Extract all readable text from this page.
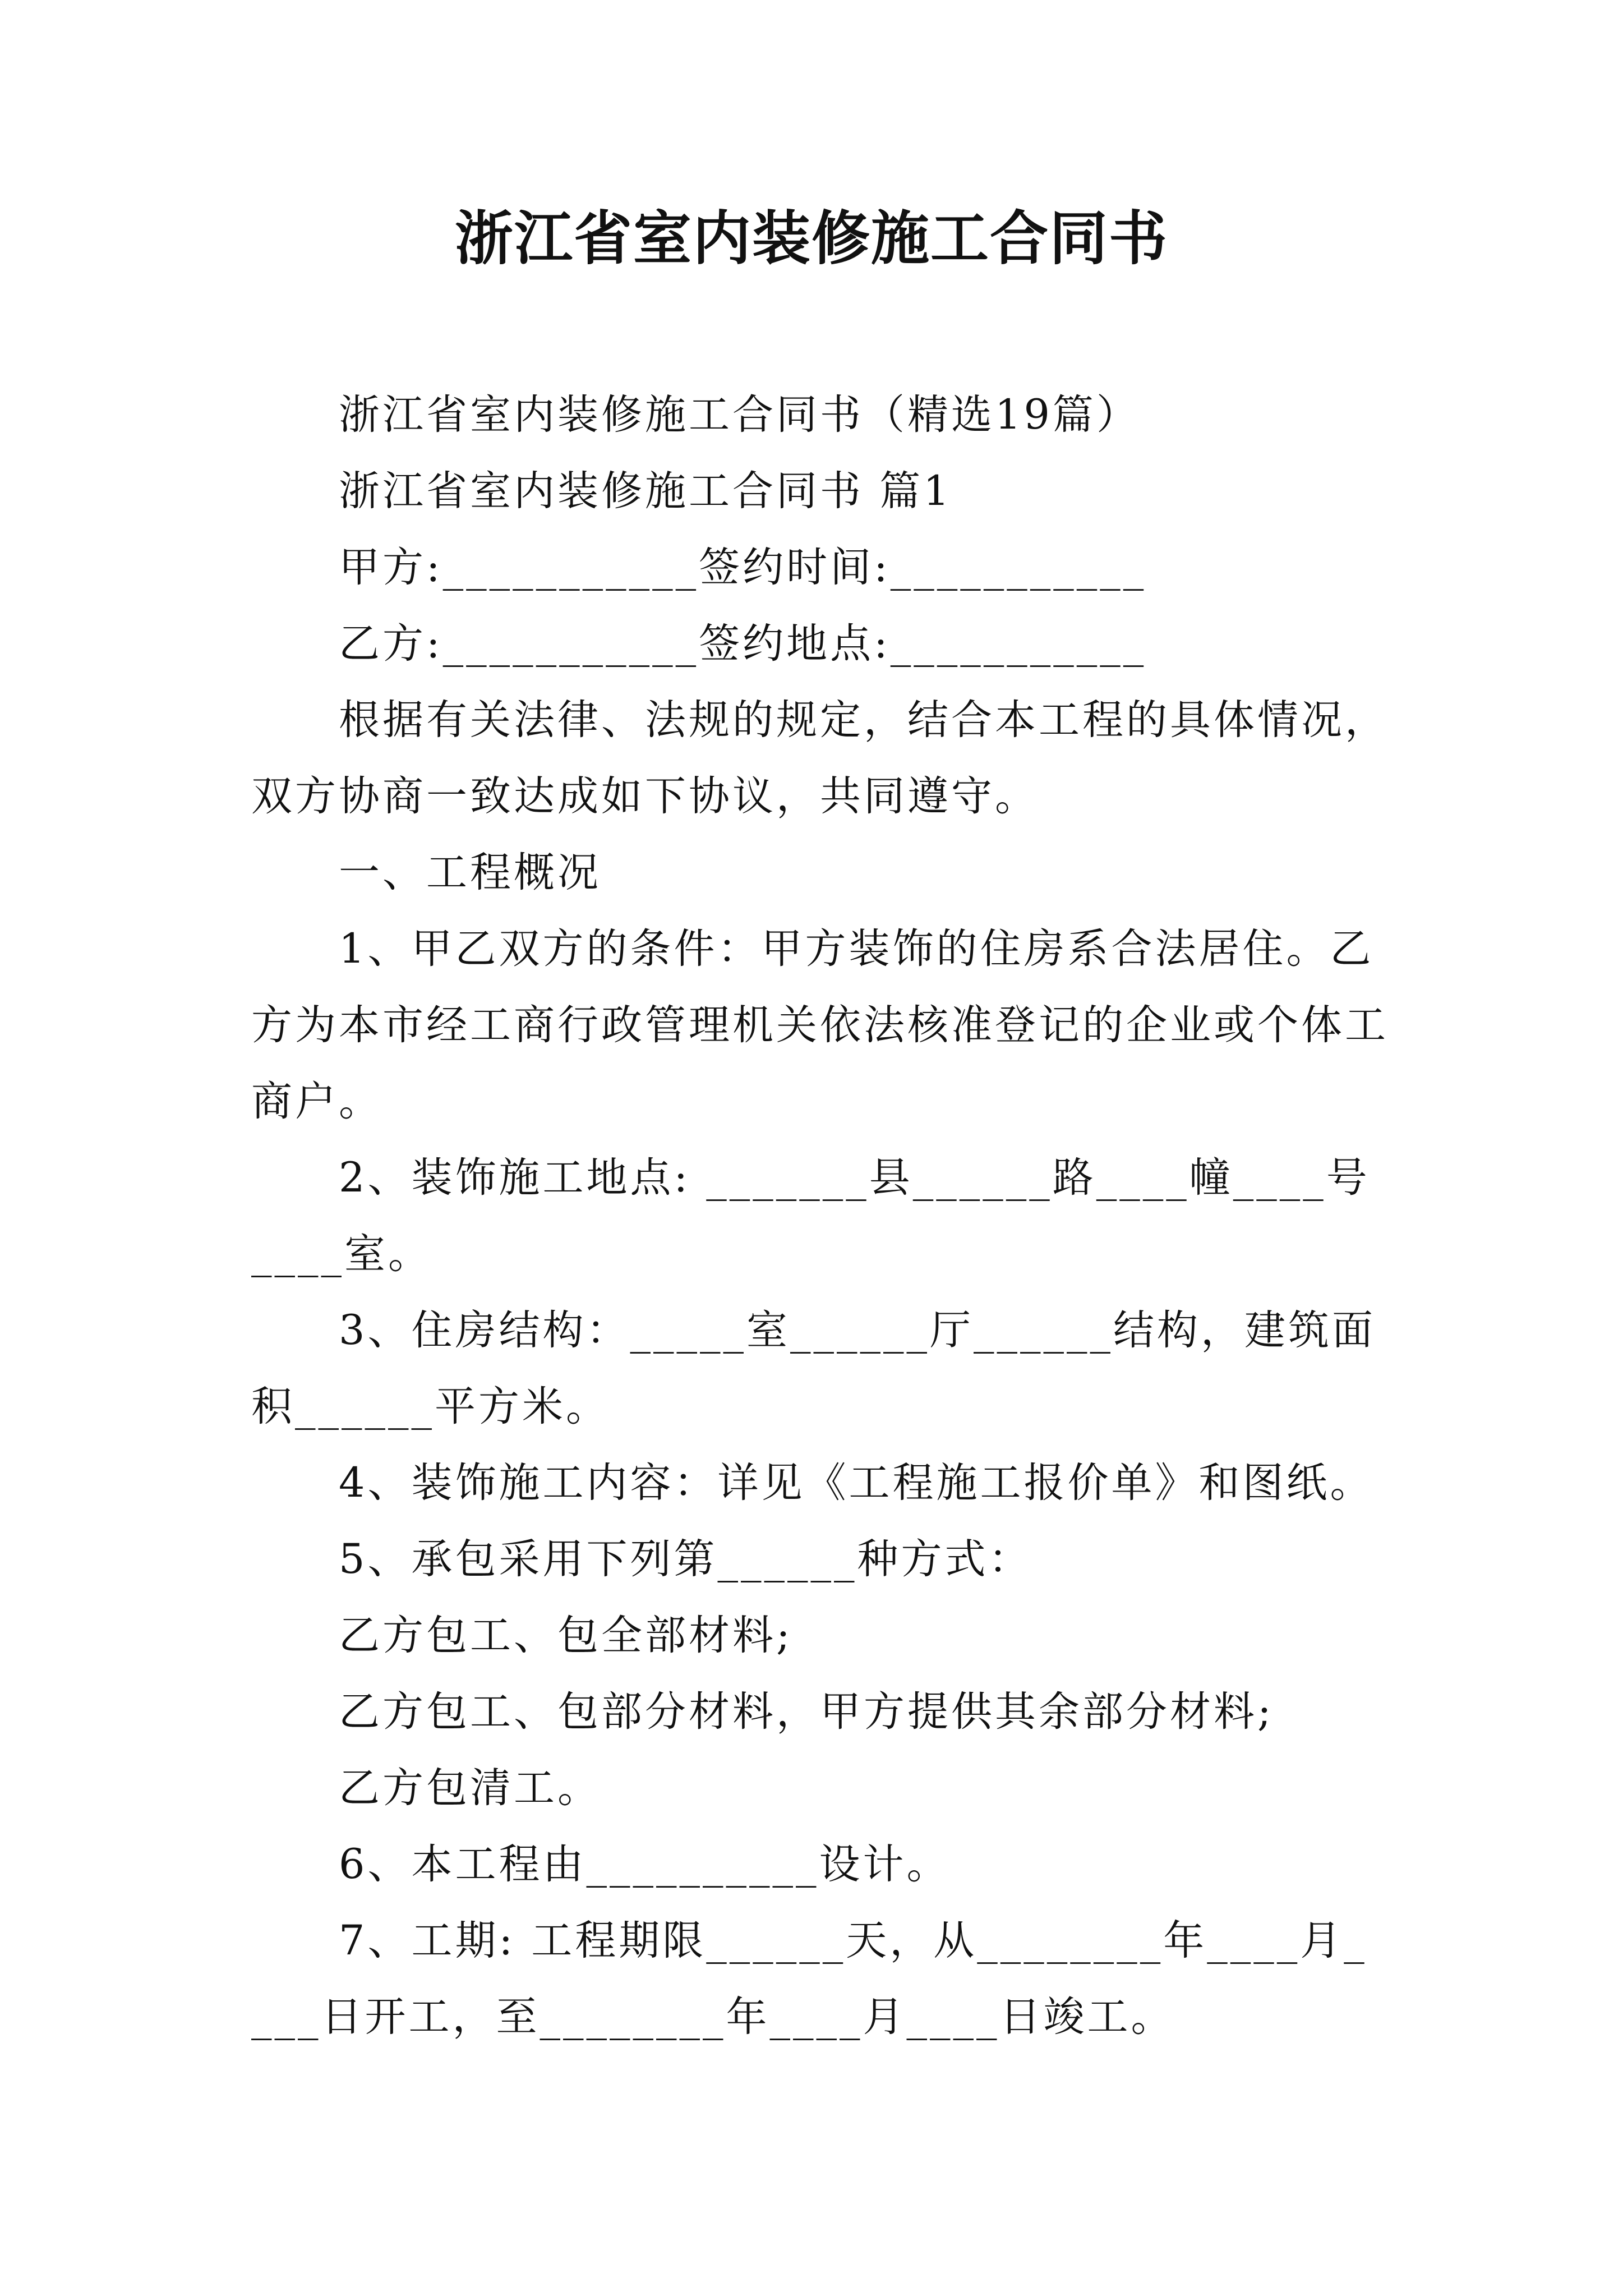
浙江省室内装修施工合同书

浙江省室内装修施工合同书（精选19篇）

浙江省室内装修施工合同书 篇1

甲方:___________签约时间:___________

乙方:___________签约地点:___________

根据有关法律、法规的规定，结合本工程的具体情况，双方协商一致达成如下协议，共同遵守。

一、工程概况

1、甲乙双方的条件：甲方装饰的住房系合法居住。乙方为本市经工商行政管理机关依法核准登记的企业或个体工商户。

2、装饰施工地点: _______县______路____幢____号____室。

3、住房结构：_____室______厅______结构，建筑面积______平方米。

4、装饰施工内容：详见《工程施工报价单》和图纸。

5、承包采用下列第______种方式：

乙方包工、包全部材料;

乙方包工、包部分材料，甲方提供其余部分材料;

乙方包清工。

6、本工程由__________设计。

7、工期: 工程期限______天，从________年____月____日开工，至________年____月____日竣工。
